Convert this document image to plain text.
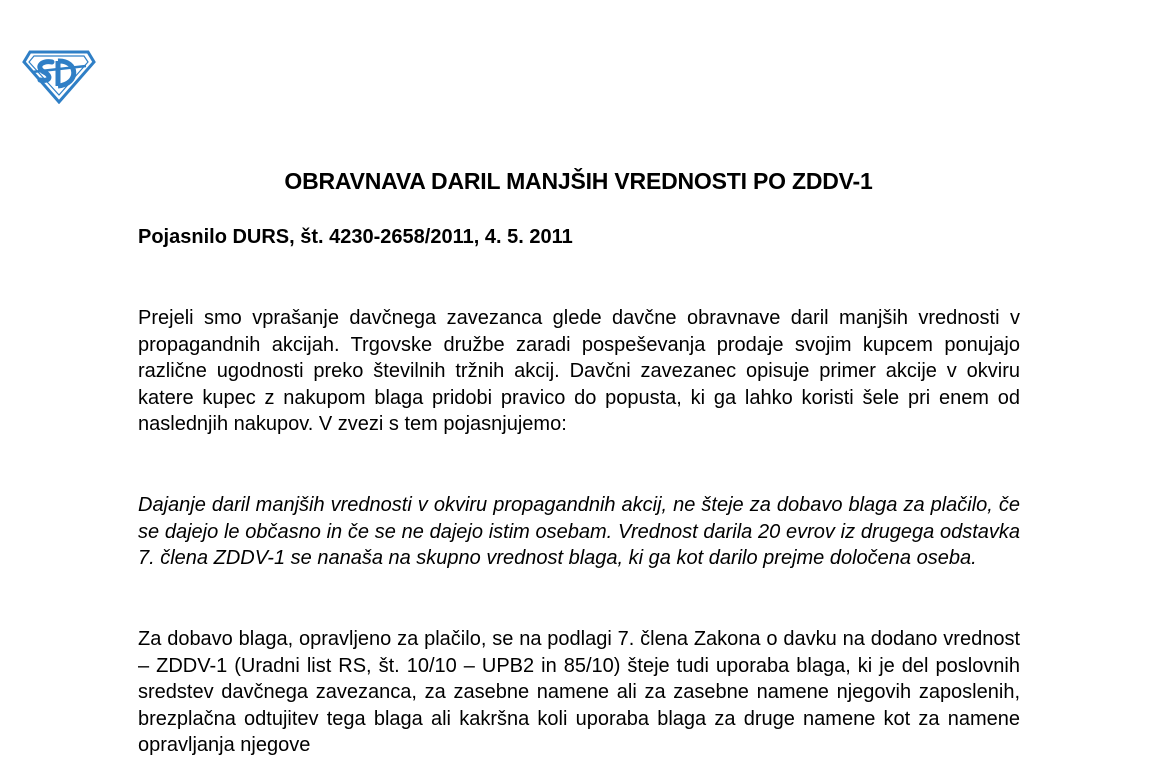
OBRAVNAVA DARIL MANJŠIH VREDNOSTI PO ZDDV-1

Pojasnilo DURS, št. 4230-2658/2011, 4. 5. 2011

Prejeli smo vprašanje davčnega zavezanca glede davčne obravnave daril manjših vrednosti v propagandnih akcijah. Trgovske družbe zaradi pospeševanja prodaje svojim kupcem ponujajo različne ugodnosti preko številnih tržnih akcij. Davčni zavezanec opisuje primer akcije v okviru katere kupec z nakupom blaga pridobi pravico do popusta, ki ga lahko koristi šele pri enem od naslednjih nakupov. V zvezi s tem pojasnjujemo:

Dajanje daril manjših vrednosti v okviru propagandnih akcij, ne šteje za dobavo blaga za plačilo, če se dajejo le občasno in če se ne dajejo istim osebam. Vrednost darila 20 evrov iz drugega odstavka 7. člena ZDDV-1 se nanaša na skupno vrednost blaga, ki ga kot darilo prejme določena oseba.

Za dobavo blaga, opravljeno za plačilo, se na podlagi 7. člena Zakona o davku na dodano vrednost – ZDDV-1 (Uradni list RS, št. 10/10 – UPB2 in 85/10) šteje tudi uporaba blaga, ki je del poslovnih sredstev davčnega zavezanca, za zasebne namene ali za zasebne namene njegovih zaposlenih, brezplačna odtujitev tega blaga ali kakršna koli uporaba blaga za druge namene kot za namene opravljanja njegove
